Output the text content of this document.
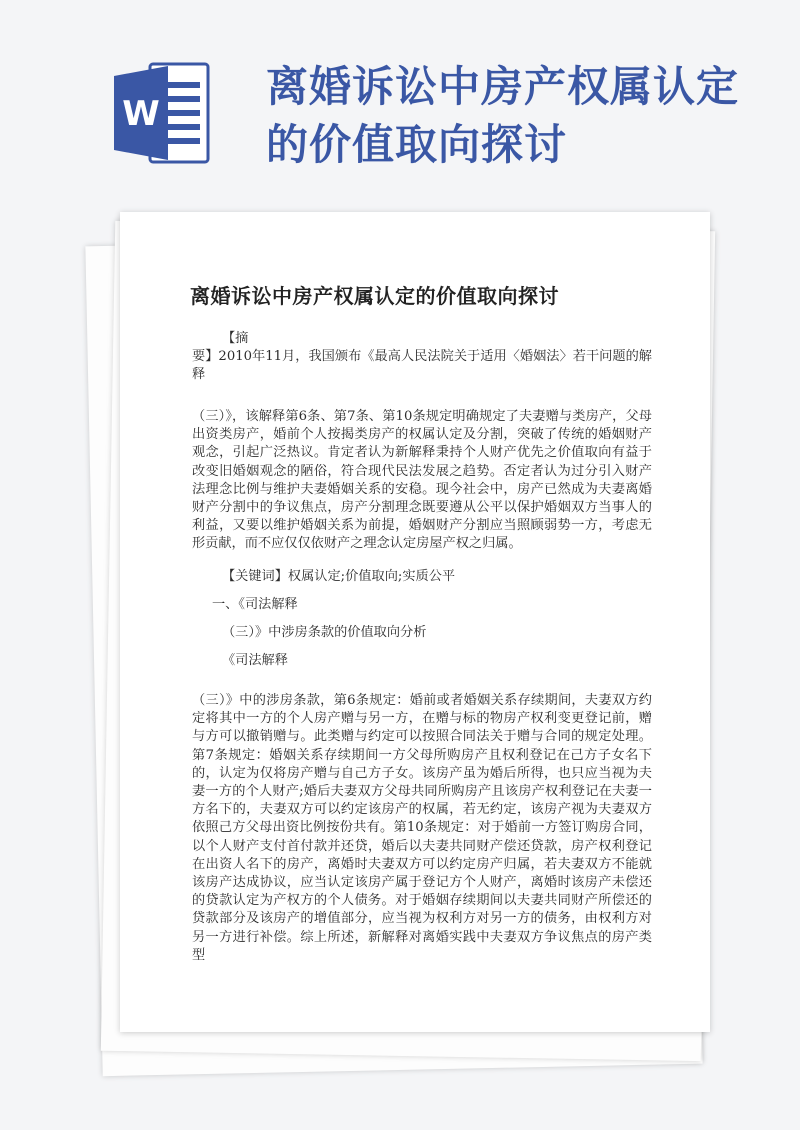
W
离婚诉讼中房产权属认定的价值取向探讨
离婚诉讼中房产权属认定的价值取向探讨
【摘
要】2010年11月，我国颁布《最高人民法院关于适用〈婚姻法〉若干问题的解释
（三）》，该解释第6条、第7条、第10条规定明确规定了夫妻赠与类房产，父母出资类房产，婚前个人按揭类房产的权属认定及分割，突破了传统的婚姻财产观念，引起广泛热议。肯定者认为新解释秉持个人财产优先之价值取向有益于改变旧婚姻观念的陋俗，符合现代民法发展之趋势。否定者认为过分引入财产法理念比例与维护夫妻婚姻关系的安稳。现今社会中，房产已然成为夫妻离婚财产分割中的争议焦点，房产分割理念既要遵从公平以保护婚姻双方当事人的利益，又要以维护婚姻关系为前提，婚姻财产分割应当照顾弱势一方，考虑无形贡献，而不应仅仅依财产之理念认定房屋产权之归属。
【关键词】权属认定;价值取向;实质公平
一、《司法解释
（三）》中涉房条款的价值取向分析
《司法解释
（三）》中的涉房条款，第6条规定：婚前或者婚姻关系存续期间，夫妻双方约定将其中一方的个人房产赠与另一方，在赠与标的物房产权利变更登记前，赠与方可以撤销赠与。此类赠与约定可以按照合同法关于赠与合同的规定处理。第7条规定：婚姻关系存续期间一方父母所购房产且权利登记在己方子女名下的，认定为仅将房产赠与自己方子女。该房产虽为婚后所得，也只应当视为夫妻一方的个人财产;婚后夫妻双方父母共同所购房产且该房产权利登记在夫妻一方名下的，夫妻双方可以约定该房产的权属，若无约定，该房产视为夫妻双方依照己方父母出资比例按份共有。第10条规定：对于婚前一方签订购房合同，以个人财产支付首付款并还贷，婚后以夫妻共同财产偿还贷款，房产权利登记在出资人名下的房产，离婚时夫妻双方可以约定房产归属，若夫妻双方不能就该房产达成协议，应当认定该房产属于登记方个人财产，离婚时该房产未偿还的贷款认定为产权方的个人债务。对于婚姻存续期间以夫妻共同财产所偿还的贷款部分及该房产的增值部分，应当视为权利方对另一方的债务，由权利方对另一方进行补偿。综上所述，新解释对离婚实践中夫妻双方争议焦点的房产类型
